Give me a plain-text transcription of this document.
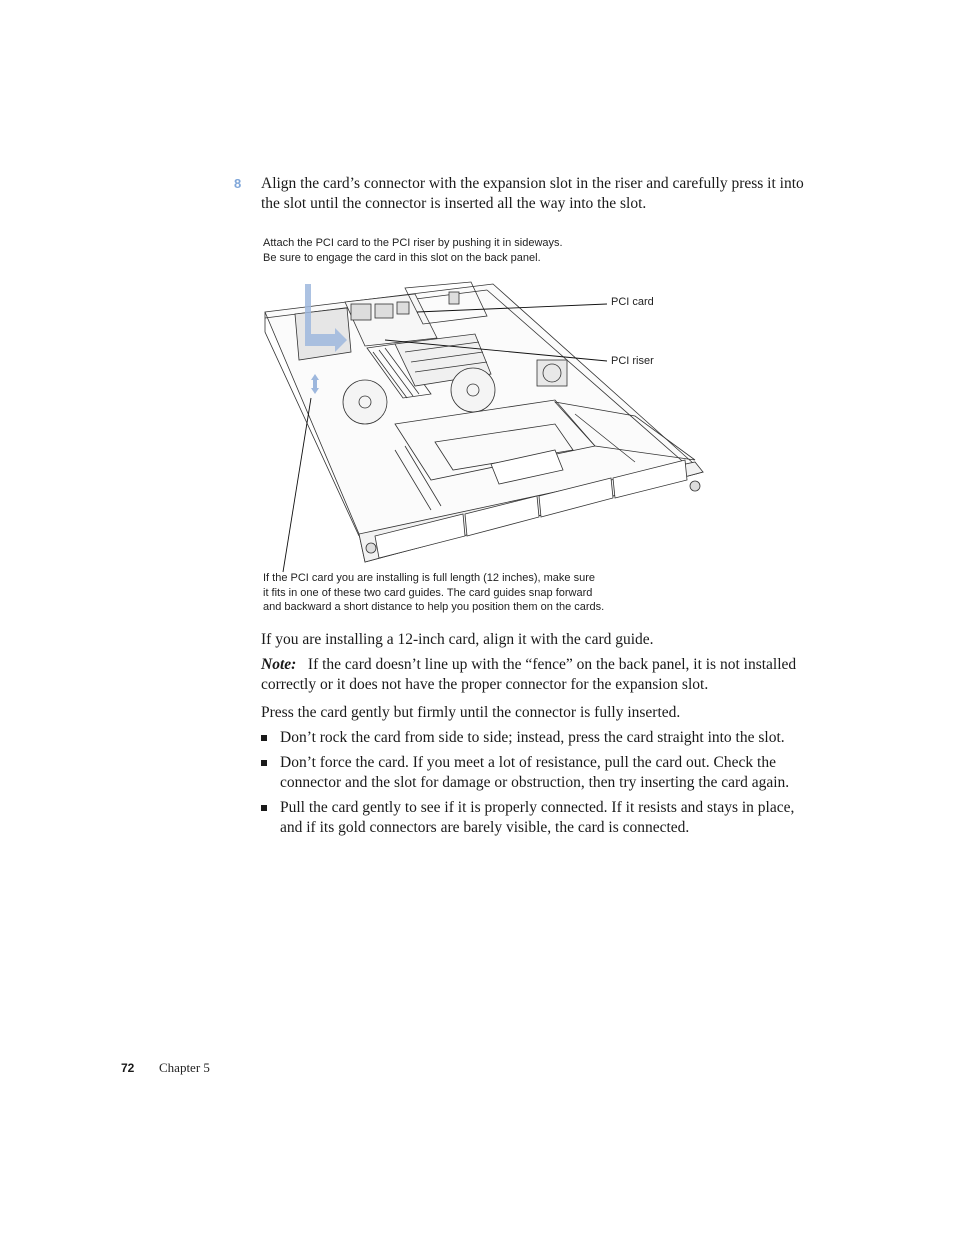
8 Align the card’s connector with the expansion slot in the riser and carefully press it into the slot until the connector is inserted all the way into the slot.
Attach the PCI card to the PCI riser by pushing it in sideways.
Be sure to engage the card in this slot on the back panel.
PCI card
PCI riser
If the PCI card you are installing is full length (12 inches), make sure
it fits in one of these two card guides. The card guides snap forward
and backward a short distance to help you position them on the cards.
If you are installing a 12-inch card, align it with the card guide.
Note: If the card doesn’t line up with the “fence” on the back panel, it is not installed correctly or it does not have the proper connector for the expansion slot.
Press the card gently but firmly until the connector is fully inserted.
Don’t rock the card from side to side; instead, press the card straight into the slot.
Don’t force the card. If you meet a lot of resistance, pull the card out. Check the connector and the slot for damage or obstruction, then try inserting the card again.
Pull the card gently to see if it is properly connected. If it resists and stays in place, and if its gold connectors are barely visible, the card is connected.
72 Chapter 5
